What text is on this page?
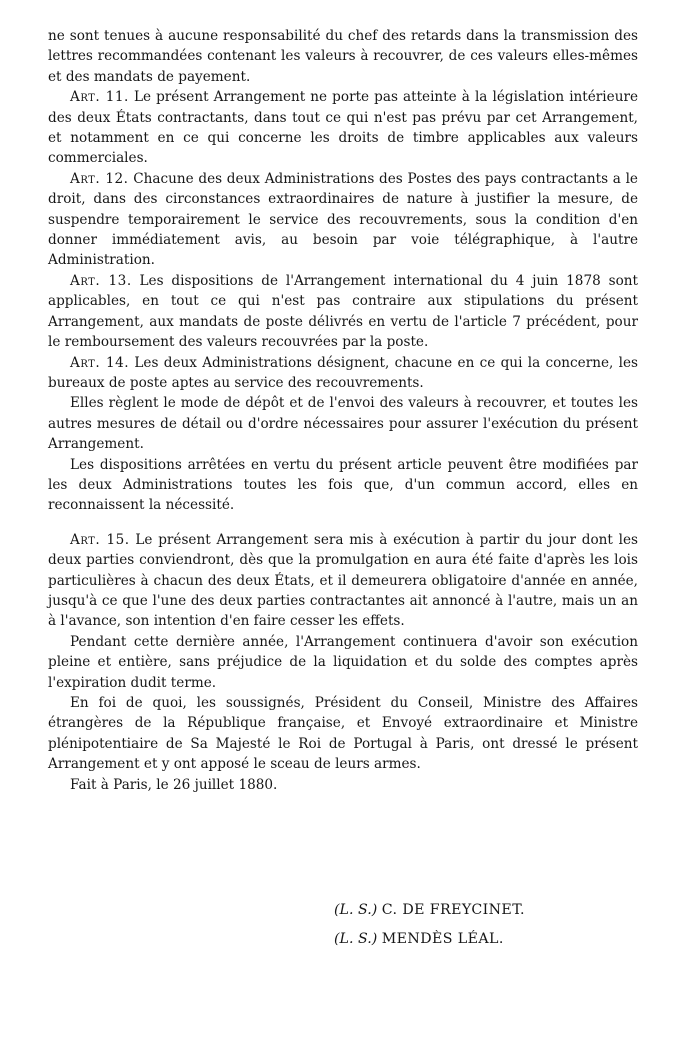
ne sont tenues à aucune responsabilité du chef des retards dans la transmission des lettres recommandées contenant les valeurs à recouvrer, de ces valeurs elles-mêmes et des mandats de payement.

Art. 11. Le présent Arrangement ne porte pas atteinte à la législation intérieure des deux États contractants, dans tout ce qui n'est pas prévu par cet Arrangement, et notamment en ce qui concerne les droits de timbre applicables aux valeurs commerciales.

Art. 12. Chacune des deux Administrations des Postes des pays contractants a le droit, dans des circonstances extraordinaires de nature à justifier la mesure, de suspendre temporairement le service des recouvrements, sous la condition d'en donner immédiatement avis, au besoin par voie télégraphique, à l'autre Administration.

Art. 13. Les dispositions de l'Arrangement international du 4 juin 1878 sont applicables, en tout ce qui n'est pas contraire aux stipulations du présent Arrangement, aux mandats de poste délivrés en vertu de l'article 7 précédent, pour le remboursement des valeurs recouvrées par la poste.

Art. 14. Les deux Administrations désignent, chacune en ce qui la concerne, les bureaux de poste aptes au service des recouvrements.

Elles règlent le mode de dépôt et de l'envoi des valeurs à recouvrer, et toutes les autres mesures de détail ou d'ordre nécessaires pour assurer l'exécution du présent Arrangement.

Les dispositions arrêtées en vertu du présent article peuvent être modifiées par les deux Administrations toutes les fois que, d'un commun accord, elles en reconnaissent la nécessité.

Art. 15. Le présent Arrangement sera mis à exécution à partir du jour dont les deux parties conviendront, dès que la promulgation en aura été faite d'après les lois particulières à chacun des deux États, et il demeurera obligatoire d'année en année, jusqu'à ce que l'une des deux parties contractantes ait annoncé à l'autre, mais un an à l'avance, son intention d'en faire cesser les effets.

Pendant cette dernière année, l'Arrangement continuera d'avoir son exécution pleine et entière, sans préjudice de la liquidation et du solde des comptes après l'expiration dudit terme.

En foi de quoi, les soussignés, Président du Conseil, Ministre des Affaires étrangères de la République française, et Envoyé extraordinaire et Ministre plénipotentiaire de Sa Majesté le Roi de Portugal à Paris, ont dressé le présent Arrangement et y ont apposé le sceau de leurs armes.

Fait à Paris, le 26 juillet 1880.

(L. S.) C. DE FREYCINET.
(L. S.) MENDÈS LÉAL.
